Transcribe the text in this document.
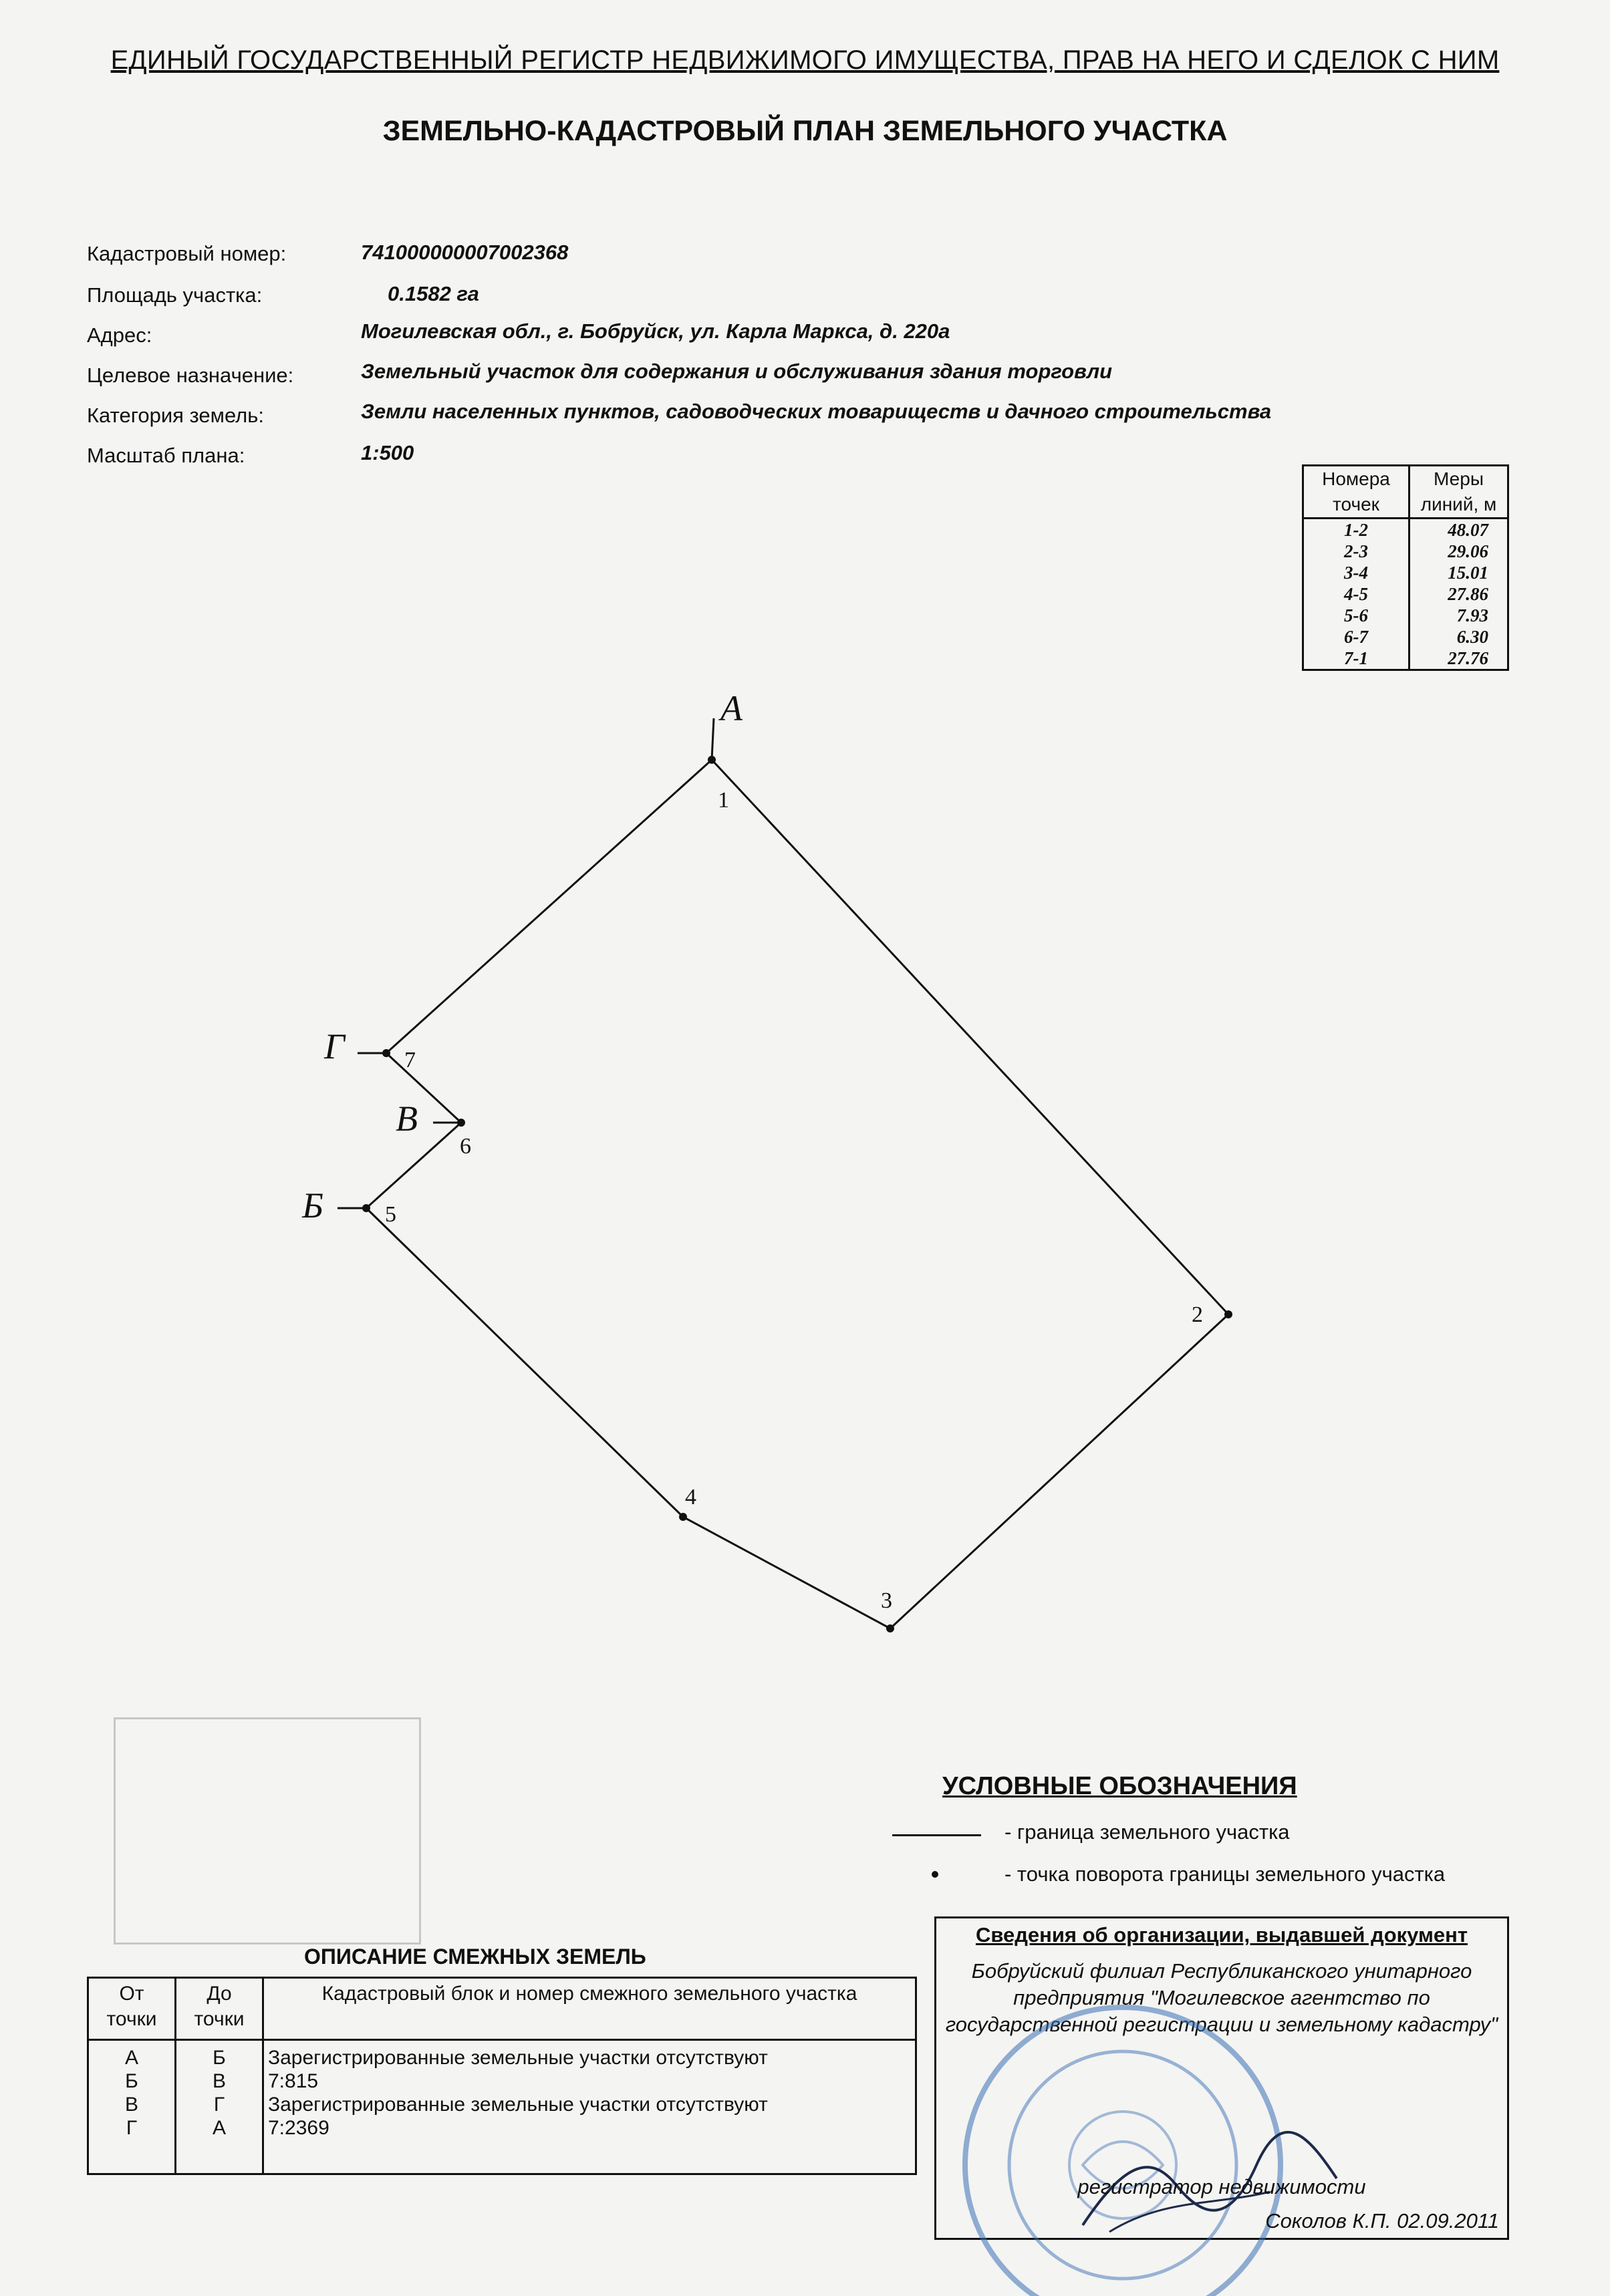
ЕДИНЫЙ ГОСУДАРСТВЕННЫЙ РЕГИСТР НЕДВИЖИМОГО ИМУЩЕСТВА, ПРАВ НА НЕГО И СДЕЛОК С НИМ
ЗЕМЕЛЬНО-КАДАСТРОВЫЙ ПЛАН ЗЕМЕЛЬНОГО УЧАСТКА
Кадастровый номер:	741000000007002368
Площадь участка:	0.1582 га
Адрес:	Могилевская обл., г. Бобруйск, ул. Карла Маркса, д. 220а
Целевое назначение:	Земельный участок для содержания и обслуживания здания торговли
Категория земель:	Земли населенных пунктов, садоводческих товариществ и дачного строительства
Масштаб плана:	1:500
Номера точек	Меры линий, м
1-2	48.07
2-3	29.06
3-4	15.01
4-5	27.86
5-6	7.93
6-7	6.30
7-1	27.76
1
2
3
4
5
6
7
А
Б
В
Г
УСЛОВНЫЕ ОБОЗНАЧЕНИЯ
- граница земельного участка
- точка поворота границы земельного участка
ОПИСАНИЕ СМЕЖНЫХ ЗЕМЕЛЬ
От точки	До точки	Кадастровый блок и номер смежного земельного участка
А	Б	Зарегистрированные земельные участки отсутствуют
Б	В	7:815
В	Г	Зарегистрированные земельные участки отсутствуют
Г	А	7:2369
Сведения об организации, выдавшей документ
Бобруйский филиал Республиканского унитарного предприятия "Могилевское агентство по государственной регистрации и земельному кадастру"
регистратор недвижимости
Соколов К.П. 02.09.2011
